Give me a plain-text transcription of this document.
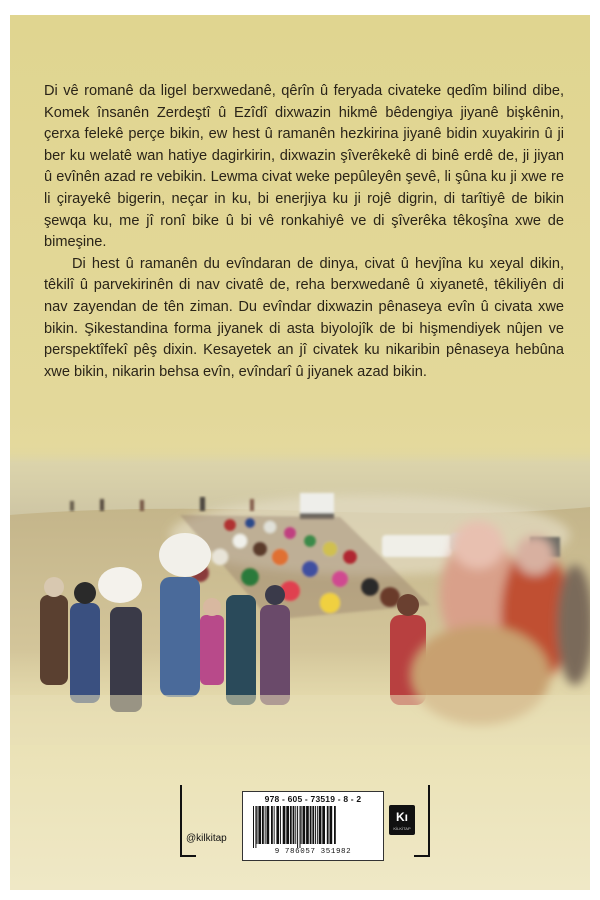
Di vê romanê da ligel berxwedanê, qêrîn û feryada civateke qedîm bilind dibe, Komek însanên Zerdeştî û Ezîdî dixwazin hikmê bêdengiya jiyanê bişkênin, çerxa felekê perçe bikin, ew hest û ramanên hezkirina jiyanê bidin xuyakirin û ji ber ku welatê wan hatiye dagirkirin, dixwazin şîverêkekê di binê erdê de, ji jiyan û evînên azad re vebikin. Lewma civat weke pepûleyên şevê, li şûna ku ji xwe re li çirayekê bigerin, neçar in ku, bi enerjiya ku ji rojê digrin, di tarîtiyê de bikin şewqa ku, me jî ronî bike û bi vê ronkahiyê ve di şîverêka têkoşîna xwe de bimeşine.

Di hest û ramanên du evîndaran de dinya, civat û hevjîna ku xeyal dikin, têkilî û parvekirinên di nav civatê de, reha berxwedanê û xiyanetê, têkiliyên di nav zayendan de tên ziman. Du evîndar dixwazin pênaseya evîn û civata xwe bikin. Şikestandina forma jiyanek di asta biyolojîk de bi hişmendiyek nûjen ve perspektîfekî pêş dixin. Kesayetek an jî civatek ku nikaribin pênaseya hebûna xwe bikin, nikarin behsa evîn, evîndarî û jiyanek azad bikin.

@kilkitap
978 - 605 - 73519 - 8 - 2
9 786057 351982
Kı
KİLKİTAP
